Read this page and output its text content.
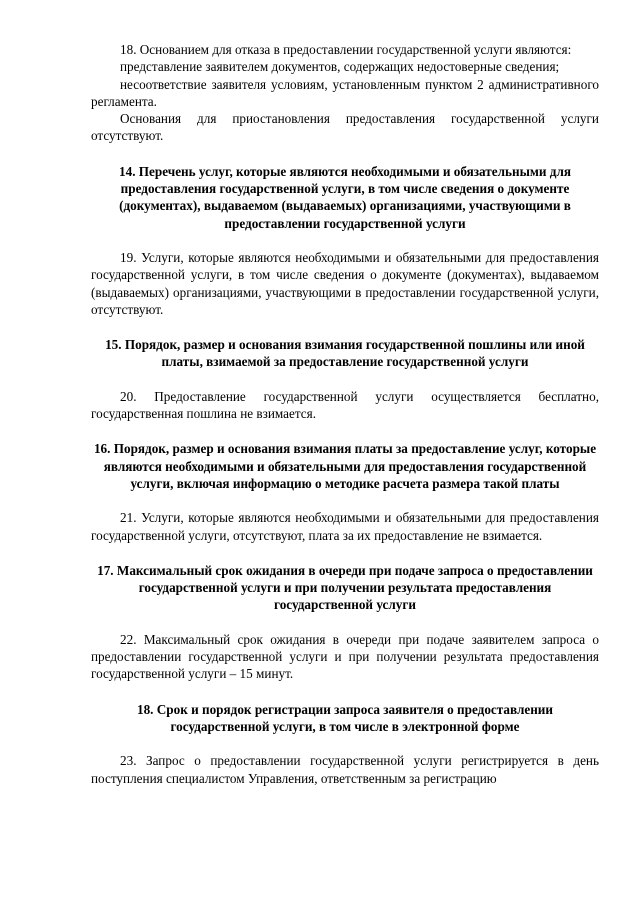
18. Основанием для отказа в предоставлении государственной услуги являются:

представление заявителем документов, содержащих недостоверные сведения;

несоответствие заявителя условиям, установленным пунктом 2 административного регламента.

Основания для приостановления предоставления государственной услуги отсутствуют.

14. Перечень услуг, которые являются необходимыми и обязательными для предоставления государственной услуги, в том числе сведения о документе (документах), выдаваемом (выдаваемых) организациями, участвующими в предоставлении государственной услуги

19. Услуги, которые являются необходимыми и обязательными для предоставления государственной услуги, в том числе сведения о документе (документах), выдаваемом (выдаваемых) организациями, участвующими в предоставлении государственной услуги, отсутствуют.

15. Порядок, размер и основания взимания государственной пошлины или иной платы, взимаемой за предоставление государственной услуги

20. Предоставление государственной услуги осуществляется бесплатно, государственная пошлина не взимается.

16. Порядок, размер и основания взимания платы за предоставление услуг, которые являются необходимыми и обязательными для предоставления государственной услуги, включая информацию о методике расчета размера такой платы

21. Услуги, которые являются необходимыми и обязательными для предоставления государственной услуги, отсутствуют, плата за их предоставление не взимается.

17. Максимальный срок ожидания в очереди при подаче запроса о предоставлении государственной услуги и при получении результата предоставления государственной услуги

22. Максимальный срок ожидания в очереди при подаче заявителем запроса о предоставлении государственной услуги и при получении результата предоставления государственной услуги – 15 минут.

18. Срок и порядок регистрации запроса заявителя о предоставлении государственной услуги, в том числе в электронной форме

23. Запрос о предоставлении государственной услуги регистрируется в день поступления специалистом Управления, ответственным за регистрацию
